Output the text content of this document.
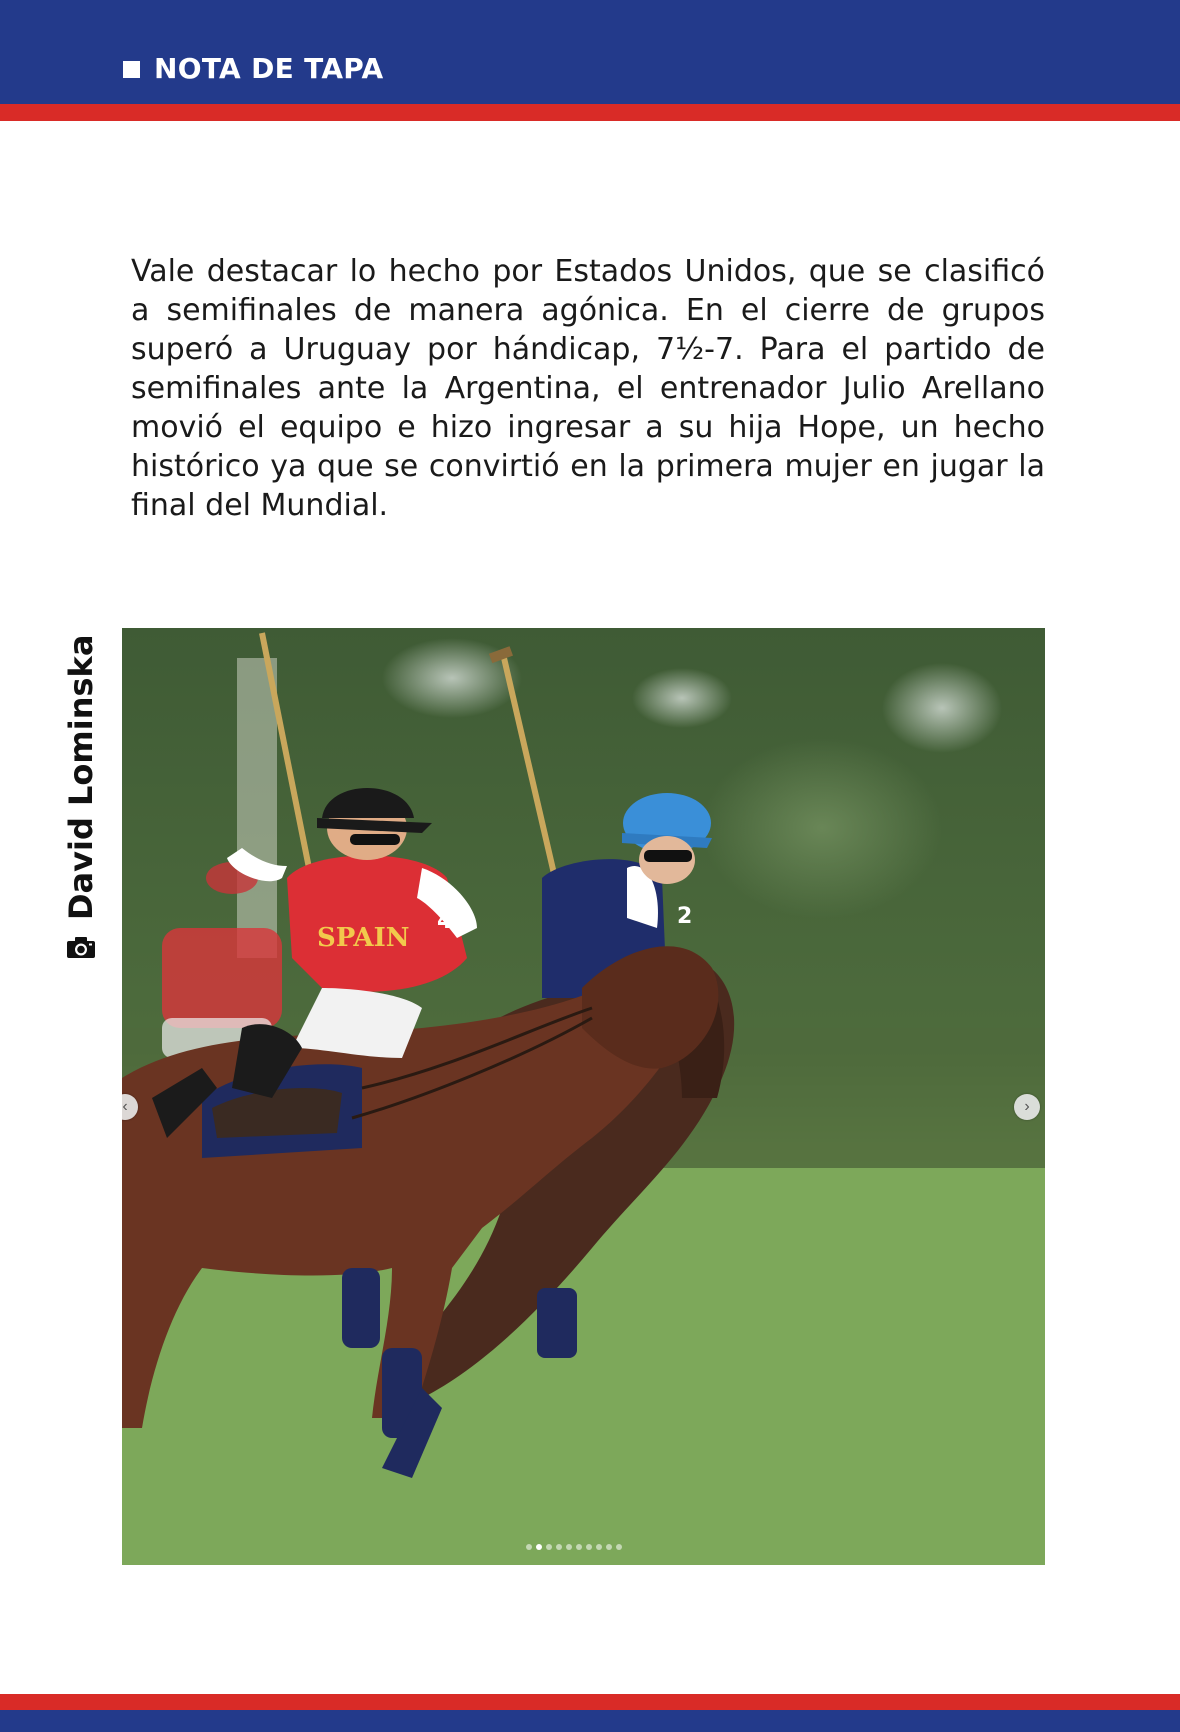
NOTA DE TAPA

Vale destacar lo hecho por Estados Unidos, que se clasificó a semifinales de manera agónica. En el cierre de grupos superó a Uruguay por hándicap, 7½-7. Para el partido de semifinales ante la Argentina, el entrenador Julio Arellano movió el equipo e hizo ingresar a su hija Hope, un hecho histórico ya que se convirtió en la primera mujer en jugar la final del Mundial.

David Lominska	2
SPAIN
4
‹	›
